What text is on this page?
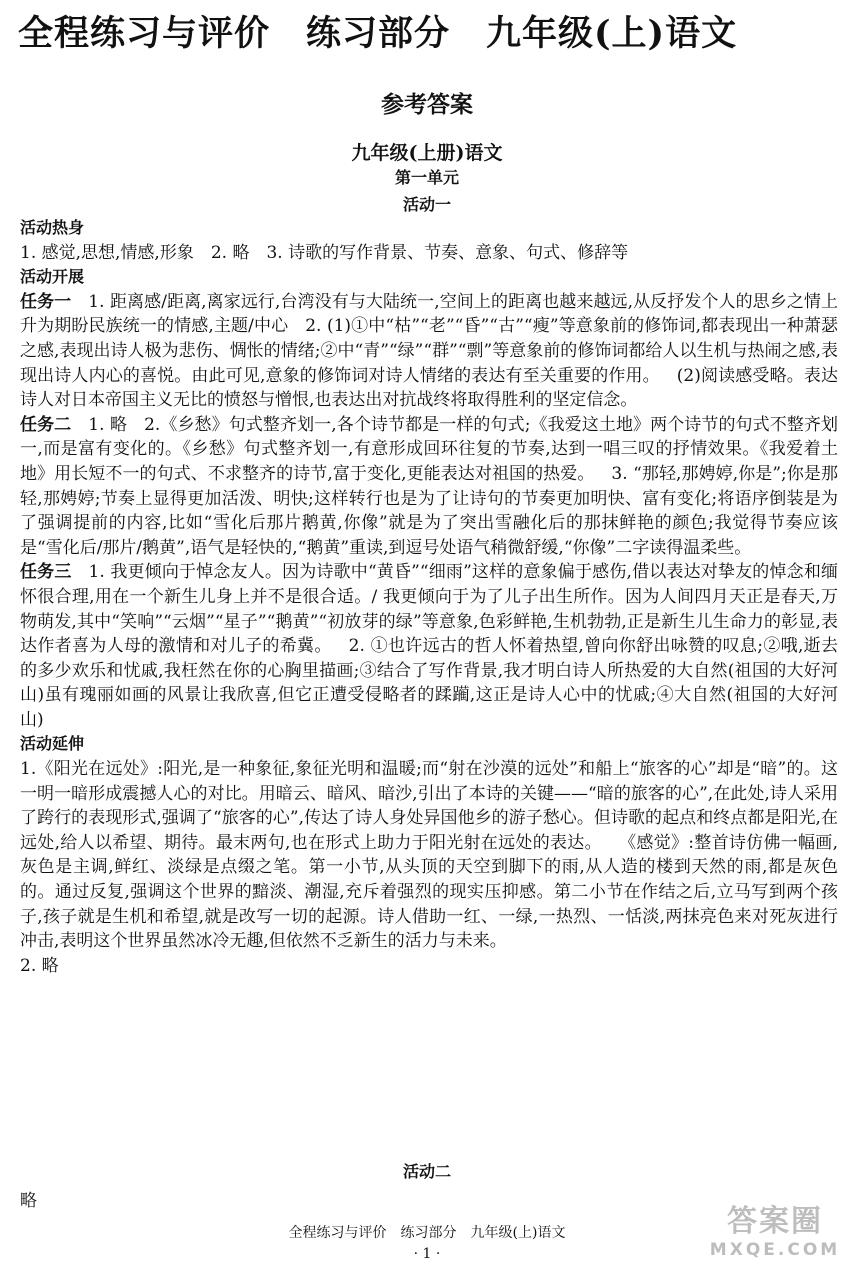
全程练习与评价　练习部分　九年级(上)语文
参考答案
九年级(上册)语文
第一单元
活动一

活动热身

1. 感觉,思想,情感,形象 2. 略 3. 诗歌的写作背景、节奏、意象、句式、修辞等

活动开展

任务一 1. 距离感/距离,离家远行,台湾没有与大陆统一,空间上的距离也越来越远,从反抒发个人的思乡之情上升为期盼民族统一的情感,主题/中心 2. (1)①中“枯”“老”“昏”“古”“瘦”等意象前的修饰词,都表现出一种萧瑟之感,表现出诗人极为悲伤、惆怅的情绪;②中“青”“绿”“群”“剽”等意象前的修饰词都给人以生机与热闹之感,表现出诗人内心的喜悦。由此可见,意象的修饰词对诗人情绪的表达有至关重要的作用。 (2)阅读感受略。表达诗人对日本帝国主义无比的愤怒与憎恨,也表达出对抗战终将取得胜利的坚定信念。

任务二 1. 略 2.《乡愁》句式整齐划一,各个诗节都是一样的句式;《我爱这土地》两个诗节的句式不整齐划一,而是富有变化的。《乡愁》句式整齐划一,有意形成回环往复的节奏,达到一唱三叹的抒情效果。《我爱着土地》用长短不一的句式、不求整齐的诗节,富于变化,更能表达对祖国的热爱。 3. “那轻,那娉婷,你是”;你是那轻,那娉婷;节奏上显得更加活泼、明快;这样转行也是为了让诗句的节奏更加明快、富有变化;将语序倒装是为了强调提前的内容,比如“雪化后那片鹅黄,你像”就是为了突出雪融化后的那抹鲜艳的颜色;我觉得节奏应该是“雪化后/那片/鹅黄”,语气是轻快的,“鹅黄”重读,到逗号处语气稍微舒缓,“你像”二字读得温柔些。

任务三 1. 我更倾向于悼念友人。因为诗歌中“黄昏”“细雨”这样的意象偏于感伤,借以表达对挚友的悼念和缅怀很合理,用在一个新生儿身上并不是很合适。/ 我更倾向于为了儿子出生所作。因为人间四月天正是春天,万物萌发,其中“笑响”“云烟”“星子”“鹅黄”“初放芽的绿”等意象,色彩鲜艳,生机勃勃,正是新生儿生命力的彰显,表达作者喜为人母的激情和对儿子的希冀。 2. ①也许远古的哲人怀着热望,曾向你舒出咏赞的叹息;②哦,逝去的多少欢乐和忧戚,我枉然在你的心胸里描画;③结合了写作背景,我才明白诗人所热爱的大自然(祖国的大好河山)虽有瑰丽如画的风景让我欣喜,但它正遭受侵略者的蹂躏,这正是诗人心中的忧戚;④大自然(祖国的大好河山)

活动延伸

1.《阳光在远处》:阳光,是一种象征,象征光明和温暖;而“射在沙漠的远处”和船上“旅客的心”却是“暗”的。这一明一暗形成震撼人心的对比。用暗云、暗风、暗沙,引出了本诗的关键——“暗的旅客的心”,在此处,诗人采用了跨行的表现形式,强调了“旅客的心”,传达了诗人身处异国他乡的游子愁心。但诗歌的起点和终点都是阳光,在远处,给人以希望、期待。最末两句,也在形式上助力于阳光射在远处的表达。 《感觉》:整首诗仿佛一幅画,灰色是主调,鲜红、淡绿是点缀之笔。第一小节,从头顶的天空到脚下的雨,从人造的楼到天然的雨,都是灰色的。通过反复,强调这个世界的黯淡、潮湿,充斥着强烈的现实压抑感。第二小节在作结之后,立马写到两个孩子,孩子就是生机和希望,就是改写一切的起源。诗人借助一红、一绿,一热烈、一恬淡,两抹亮色来对死灰进行冲击,表明这个世界虽然冰冷无趣,但依然不乏新生的活力与未来。

2. 略

活动二
略
全程练习与评价　练习部分　九年级(上)语文
· 1 ·
答案圈
MXQE.COM
